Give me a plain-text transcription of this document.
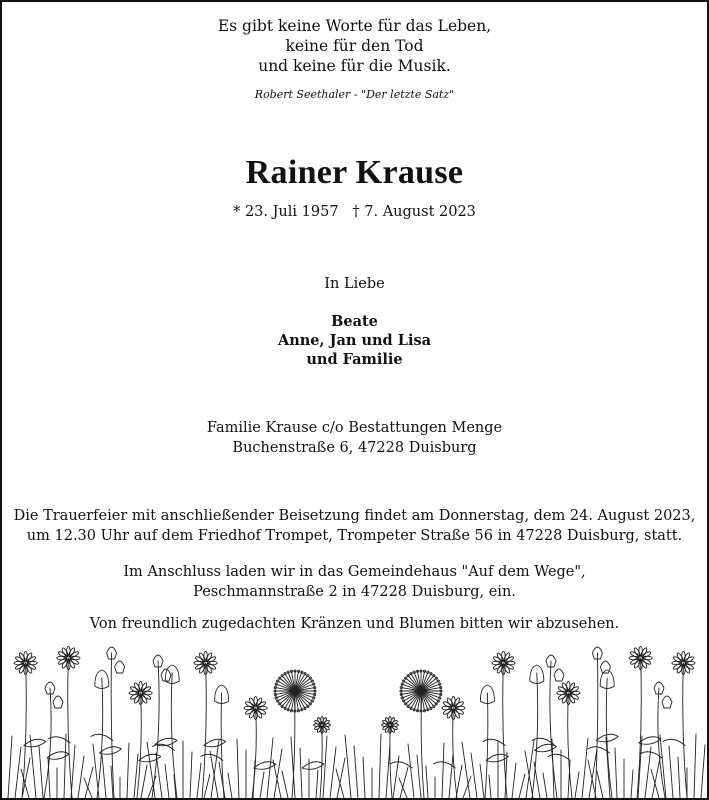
Es gibt keine Worte für das Leben,
keine für den Tod
und keine für die Musik.
Robert Seethaler - "Der letzte Satz"
Rainer Krause
* 23. Juli 1957 † 7. August 2023
In Liebe
Beate
Anne, Jan und Lisa
und Familie
Familie Krause c/o Bestattungen Menge
Buchenstraße 6, 47228 Duisburg
Die Trauerfeier mit anschließender Beisetzung findet am Donnerstag, dem 24. August 2023,
um 12.30 Uhr auf dem Friedhof Trompet, Trompeter Straße 56 in 47228 Duisburg, statt.
Im Anschluss laden wir in das Gemeindehaus "Auf dem Wege",
Peschmannstraße 2 in 47228 Duisburg, ein.
Von freundlich zugedachten Kränzen und Blumen bitten wir abzusehen.
